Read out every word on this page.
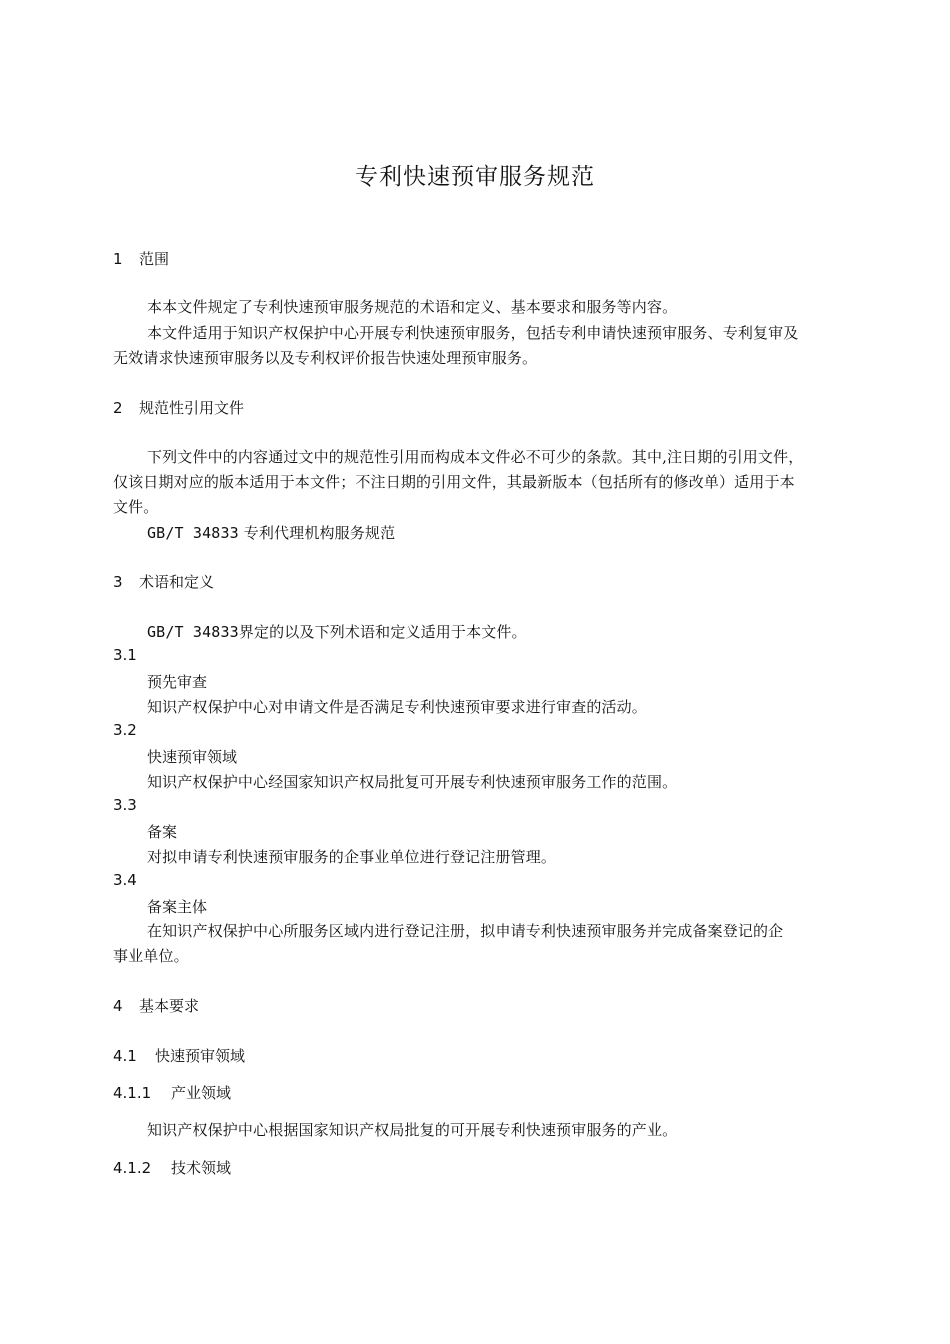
专利快速预审服务规范
1 范围
本本文件规定了专利快速预审服务规范的术语和定义、基本要求和服务等内容。
本文件适用于知识产权保护中心开展专利快速预审服务，包括专利申请快速预审服务、专利复审及
无效请求快速预审服务以及专利权评价报告快速处理预审服务。
2 规范性引用文件
下列文件中的内容通过文中的规范性引用而构成本文件必不可少的条款。其中,注日期的引用文件，
仅该日期对应的版本适用于本文件；不注日期的引用文件，其最新版本（包括所有的修改单）适用于本
文件。
GB/T 34833 专利代理机构服务规范
3 术语和定义
GB/T 34833界定的以及下列术语和定义适用于本文件。
3.1
预先审查
知识产权保护中心对申请文件是否满足专利快速预审要求进行审查的活动。
3.2
快速预审领域
知识产权保护中心经国家知识产权局批复可开展专利快速预审服务工作的范围。
3.3
备案
对拟申请专利快速预审服务的企事业单位进行登记注册管理。
3.4
备案主体
在知识产权保护中心所服务区域内进行登记注册，拟申请专利快速预审服务并完成备案登记的企
事业单位。
4 基本要求
4.1 快速预审领域
4.1.1 产业领域
知识产权保护中心根据国家知识产权局批复的可开展专利快速预审服务的产业。
4.1.2 技术领域
